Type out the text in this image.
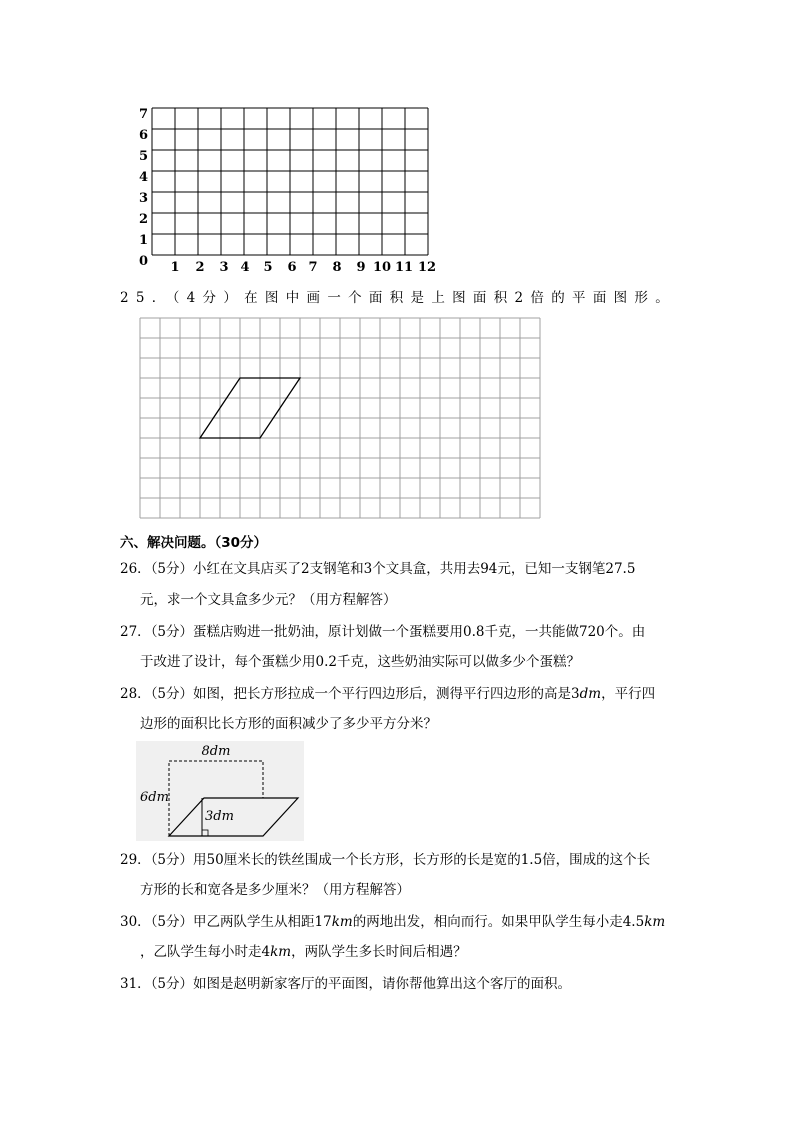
0
1
2
3
4
5
6
7
1 2 3 4 5 6 7 8 9 10 11 12
25．（4分）在图中画一个面积是上图面积2倍的平面图形。
六、解决问题。（30分）
26．（5分）小红在文具店买了2支钢笔和3个文具盒，共用去94元，已知一支钢笔27.5
元，求一个文具盒多少元？（用方程解答）
27．（5分）蛋糕店购进一批奶油，原计划做一个蛋糕要用0.8千克，一共能做720个。由
于改进了设计，每个蛋糕少用0.2千克，这些奶油实际可以做多少个蛋糕？
28．（5分）如图，把长方形拉成一个平行四边形后，测得平行四边形的高是3dm，平行四
边形的面积比长方形的面积减少了多少平方分米？
8dm
6dm
3dm
29．（5分）用50厘米长的铁丝围成一个长方形，长方形的长是宽的1.5倍，围成的这个长
方形的长和宽各是多少厘米？（用方程解答）
30．（5分）甲乙两队学生从相距17km的两地出发，相向而行。如果甲队学生每小走4.5km
，乙队学生每小时走4km，两队学生多长时间后相遇？
31．（5分）如图是赵明新家客厅的平面图，请你帮他算出这个客厅的面积。
